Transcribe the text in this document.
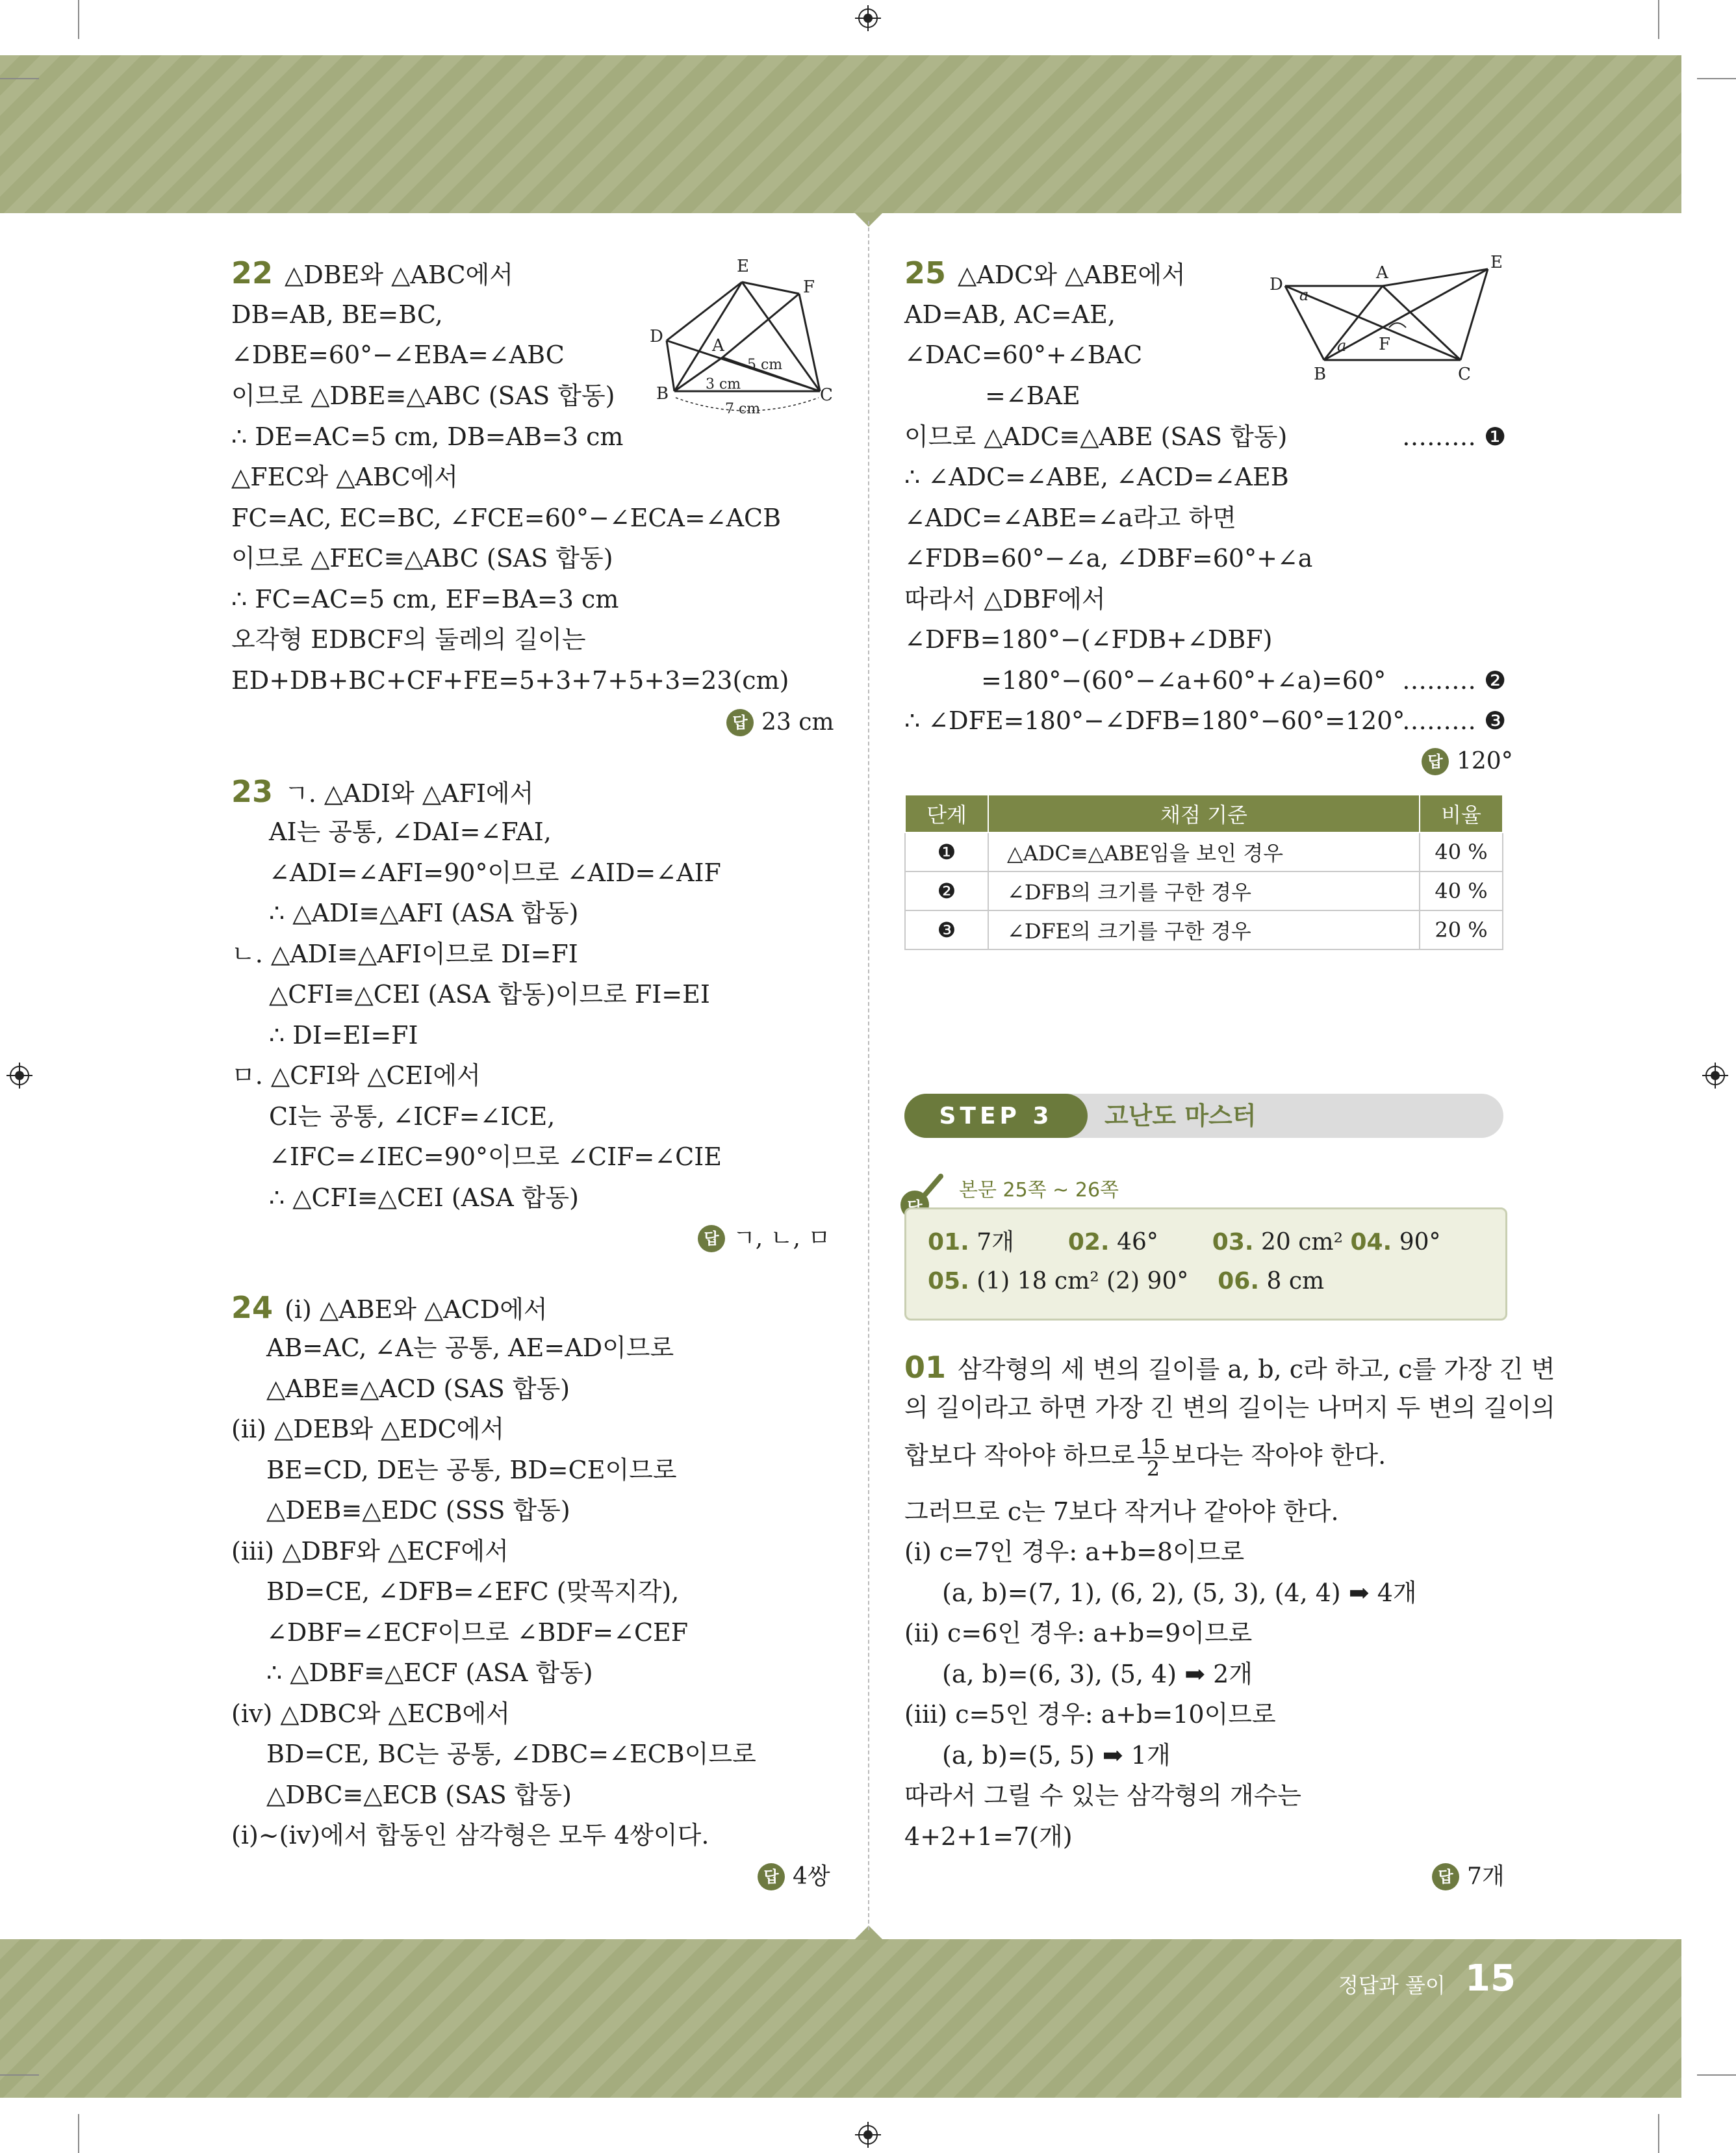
22 △DBE와 △ABC에서
DB=AB, BE=BC,
∠DBE=60°−∠EBA=∠ABC
이므로 △DBE≡△ABC (SAS 합동)
∴ DE=AC=5 cm, DB=AB=3 cm
△FEC와 △ABC에서
FC=AC, EC=BC, ∠FCE=60°−∠ECA=∠ACB
이므로 △FEC≡△ABC (SAS 합동)
∴ FC=AC=5 cm, EF=BA=3 cm
오각형 EDBCF의 둘레의 길이는
ED+DB+BC+CF+FE=5+3+7+5+3=23(cm)
답 23 cm
E
F
D	A
B	C
5 cm
3 cm
7 cm
23 ㄱ. △ADI와 △AFI에서
AI는 공통, ∠DAI=∠FAI,
∠ADI=∠AFI=90°이므로 ∠AID=∠AIF
∴ △ADI≡△AFI (ASA 합동)
ㄴ. △ADI≡△AFI이므로 DI=FI
△CFI≡△CEI (ASA 합동)이므로 FI=EI
∴ DI=EI=FI
ㅁ. △CFI와 △CEI에서
CI는 공통, ∠ICF=∠ICE,
∠IFC=∠IEC=90°이므로 ∠CIF=∠CIE
∴ △CFI≡△CEI (ASA 합동)
답 ㄱ, ㄴ, ㅁ
24 (ⅰ) △ABE와 △ACD에서
AB=AC, ∠A는 공통, AE=AD이므로
△ABE≡△ACD (SAS 합동)
(ⅱ) △DEB와 △EDC에서
BE=CD, DE는 공통, BD=CE이므로
△DEB≡△EDC (SSS 합동)
(ⅲ) △DBF와 △ECF에서
BD=CE, ∠DFB=∠EFC (맞꼭지각),
∠DBF=∠ECF이므로 ∠BDF=∠CEF
∴ △DBF≡△ECF (ASA 합동)
(ⅳ) △DBC와 △ECB에서
BD=CE, BC는 공통, ∠DBC=∠ECB이므로
△DBC≡△ECB (SAS 합동)
(ⅰ)~(ⅳ)에서 합동인 삼각형은 모두 4쌍이다.
답 4쌍
25 △ADC와 △ABE에서
AD=AB, AC=AE,
∠DAC=60°+∠BAC
=∠BAE
이므로 △ADC≡△ABE (SAS 합동)	……… ❶
∴ ∠ADC=∠ABE, ∠ACD=∠AEB
∠ADC=∠ABE=∠a라고 하면
∠FDB=60°−∠a, ∠DBF=60°+∠a
따라서 △DBF에서
∠DFB=180°−(∠FDB+∠DBF)
=180°−(60°−∠a+60°+∠a)=60° ……… ❷
∴ ∠DFE=180°−∠DFB=180°−60°=120°
……… ❸
답 120°
D
A
E
B
F
C
a
a
단계	채점 기준	비율
❶	△ADC≡△ABE임을 보인 경우	40 %
❷	∠DFB의 크기를 구한 경우	40 %
❸	∠DFE의 크기를 구한 경우	20 %
STEP 3	고난도 마스터
본문 25쪽 ~ 26쪽
01. 7개 02. 46° 03. 20 cm² 04. 90°
05. (1) 18 cm² (2) 90° 06. 8 cm
01 삼각형의 세 변의 길이를 a, b, c라 하고, c를 가장 긴 변
의 길이라고 하면 가장 긴 변의 길이는 나머지 두 변의 길이의
합보다 작아야 하므로 $\frac{15}{2}$ 보다는 작아야 한다.
그러므로 c는 7보다 작거나 같아야 한다.
(ⅰ) c=7인 경우: a+b=8이므로
(a, b)=(7, 1), (6, 2), (5, 3), (4, 4) ➡ 4개
(ⅱ) c=6인 경우: a+b=9이므로
(a, b)=(6, 3), (5, 4) ➡ 2개
(ⅲ) c=5인 경우: a+b=10이므로
(a, b)=(5, 5) ➡ 1개
따라서 그릴 수 있는 삼각형의 개수는
4+2+1=7(개)
답 7개
정답과 풀이 15
